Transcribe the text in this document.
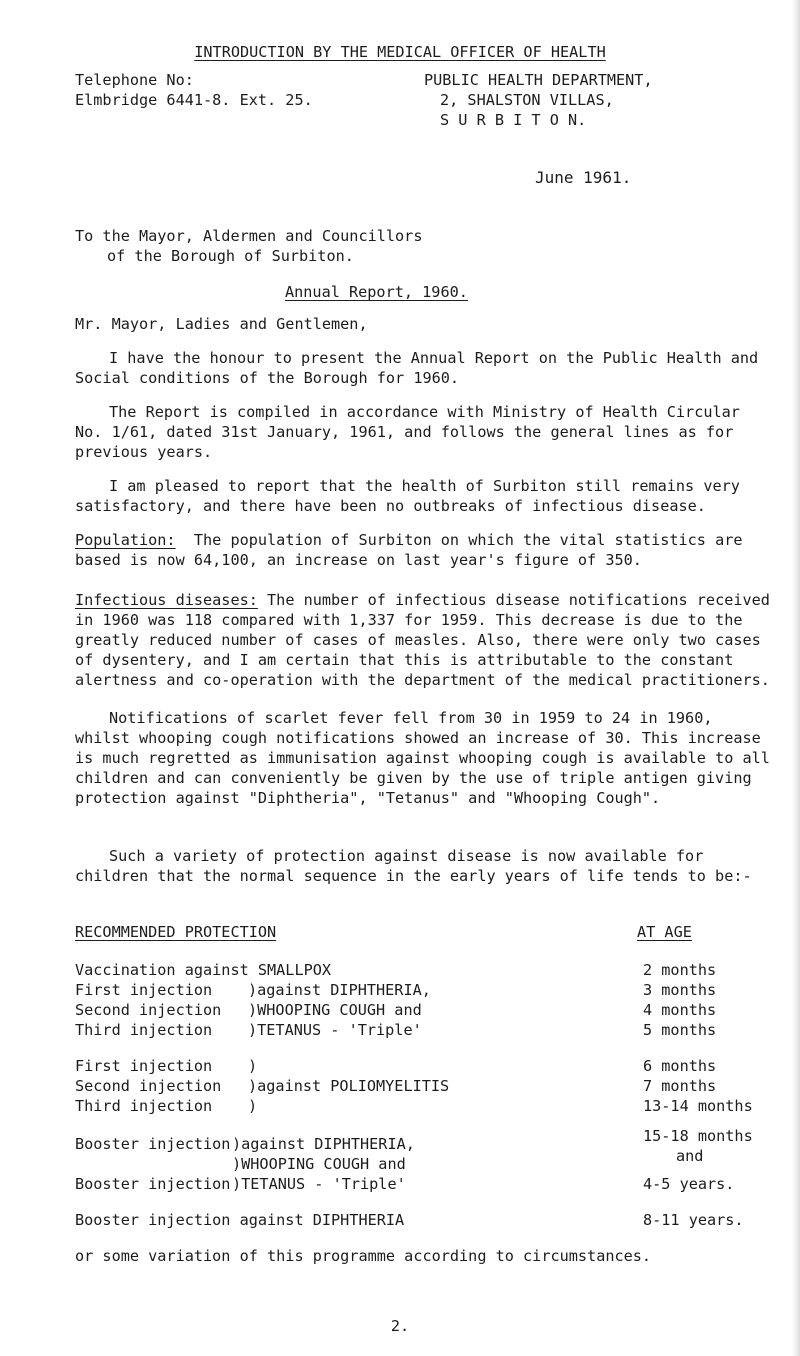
INTRODUCTION BY THE MEDICAL OFFICER OF HEALTH
Telephone No:
Elmbridge 6441-8. Ext. 25.
PUBLIC HEALTH DEPARTMENT,
2, SHALSTON VILLAS,
S U R B I T O N.
June 1961.
To the Mayor, Aldermen and Councillors
of the Borough of Surbiton.
Annual Report, 1960.
Mr. Mayor, Ladies and Gentlemen,

I have the honour to present the Annual Report on the Public Health and Social conditions of the Borough for 1960.

The Report is compiled in accordance with Ministry of Health Circular No. 1/61, dated 31st January, 1961, and follows the general lines as for previous years.

I am pleased to report that the health of Surbiton still remains very satisfactory, and there have been no outbreaks of infectious disease.

Population: The population of Surbiton on which the vital statistics are based is now 64,100, an increase on last year's figure of 350.

Infectious diseases: The number of infectious disease notifications received in 1960 was 118 compared with 1,337 for 1959. This decrease is due to the greatly reduced number of cases of measles. Also, there were only two cases of dysentery, and I am certain that this is attributable to the constant alertness and co-operation with the department of the medical practitioners.

Notifications of scarlet fever fell from 30 in 1959 to 24 in 1960, whilst whooping cough notifications showed an increase of 30. This increase is much regretted as immunisation against whooping cough is available to all children and can conveniently be given by the use of triple antigen giving protection against "Diphtheria", "Tetanus" and "Whooping Cough".

Such a variety of protection against disease is now available for children that the normal sequence in the early years of life tends to be:-

RECOMMENDED PROTECTION	AT AGE
Vaccination against SMALLPOX	2 months
First injection )against DIPHTHERIA,	3 months
Second injection )WHOOPING COUGH and	4 months
Third injection )TETANUS - 'Triple'	5 months
First injection )	6 months
Second injection )against POLIOMYELITIS	7 months
Third injection )	13-14 months
Booster injection )against DIPHTHERIA,	15-18 months
)WHOOPING COUGH and	and
Booster injection )TETANUS - 'Triple'	4-5 years.
Booster injection against DIPHTHERIA	8-11 years.
or some variation of this programme according to circumstances.
2.
